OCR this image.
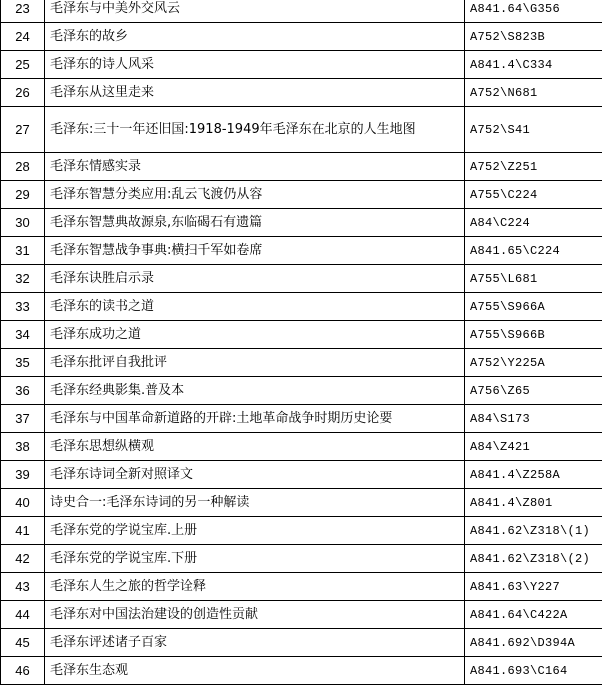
23	毛泽东与中美外交风云	A841.64\G356
24	毛泽东的故乡	A752\S823B
25	毛泽东的诗人风采	A841.4\C334
26	毛泽东从这里走来	A752\N681
27	毛泽东:三十一年还旧国:1918-1949年毛泽东在北京的人生地图	A752\S41
28	毛泽东情感实录	A752\Z251
29	毛泽东智慧分类应用:乱云飞渡仍从容	A755\C224
30	毛泽东智慧典故源泉,东临碣石有遗篇	A84\C224
31	毛泽东智慧战争事典:横扫千军如卷席	A841.65\C224
32	毛泽东诀胜启示录	A755\L681
33	毛泽东的读书之道	A755\S966A
34	毛泽东成功之道	A755\S966B
35	毛泽东批评自我批评	A752\Y225A
36	毛泽东经典影集.普及本	A756\Z65
37	毛泽东与中国革命新道路的开辟:土地革命战争时期历史论要	A84\S173
38	毛泽东思想纵横观	A84\Z421
39	毛泽东诗词全新对照译文	A841.4\Z258A
40	诗史合一:毛泽东诗词的另一种解读	A841.4\Z801
41	毛泽东党的学说宝库.上册	A841.62\Z318\(1)
42	毛泽东党的学说宝库.下册	A841.62\Z318\(2)
43	毛泽东人生之旅的哲学诠释	A841.63\Y227
44	毛泽东对中国法治建设的创造性贡献	A841.64\C422A
45	毛泽东评述诸子百家	A841.692\D394A
46	毛泽东生态观	A841.693\C164
